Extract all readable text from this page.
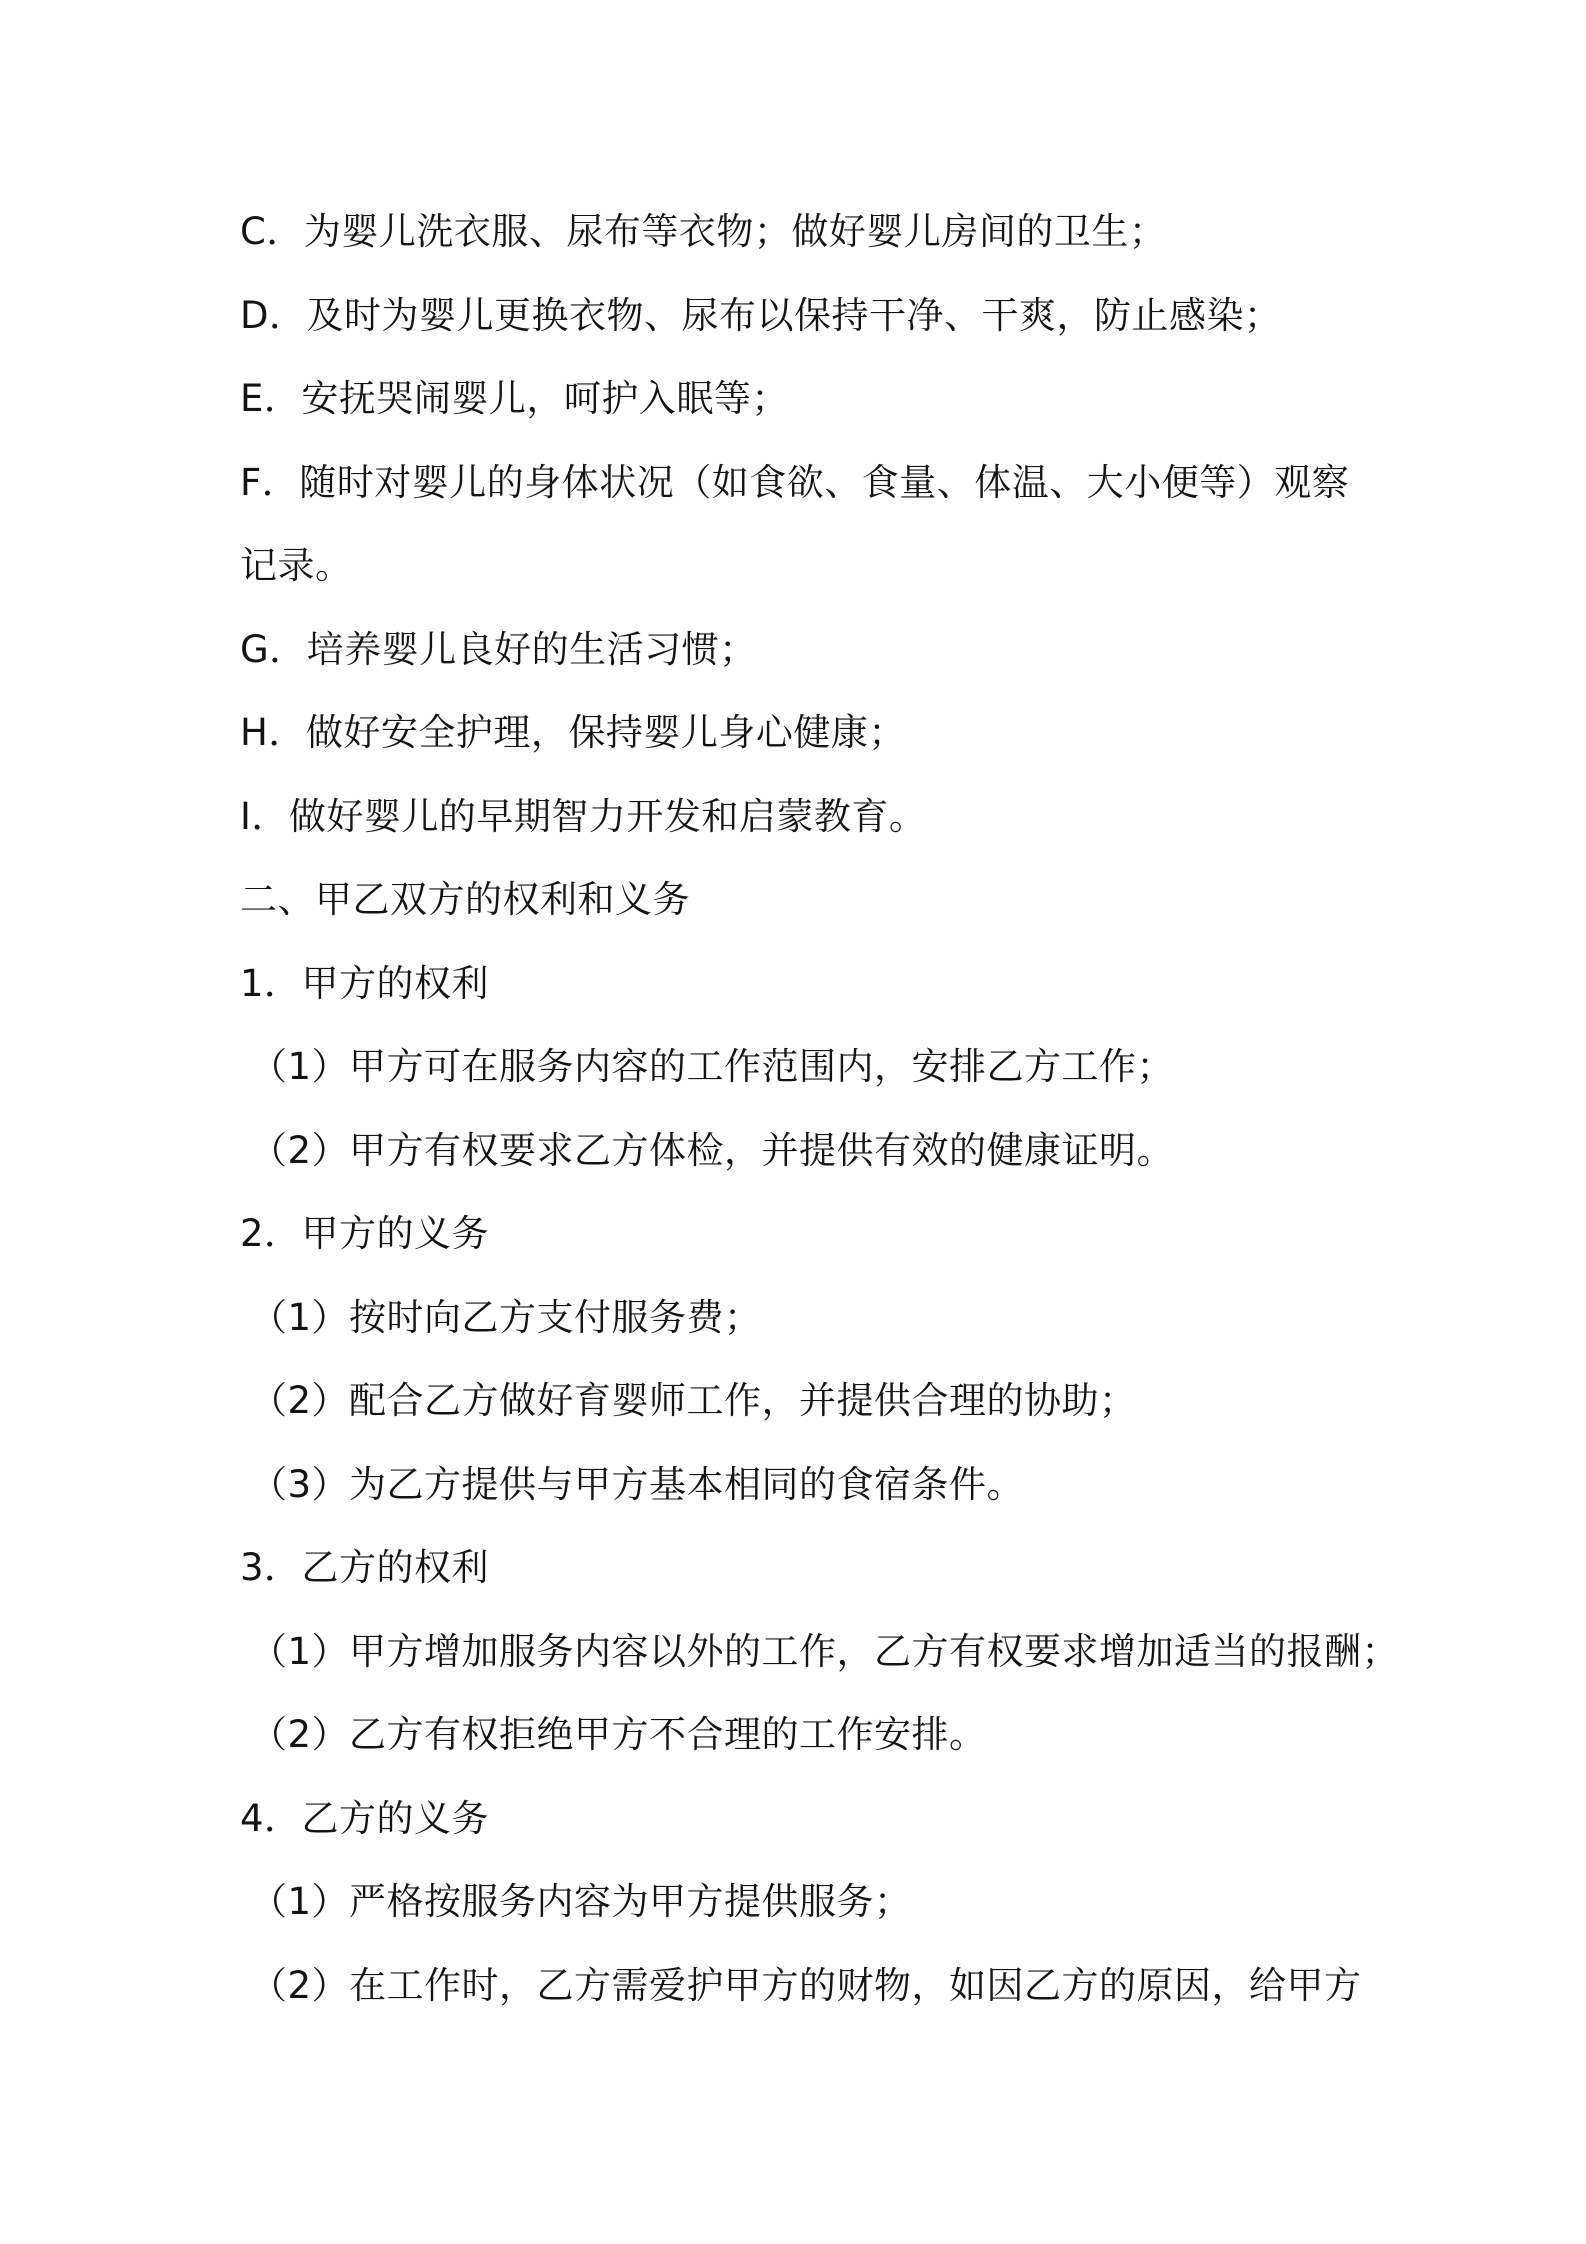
C．为婴儿洗衣服、尿布等衣物；做好婴儿房间的卫生；
D．及时为婴儿更换衣物、尿布以保持干净、干爽，防止感染；
E．安抚哭闹婴儿，呵护入眠等；
F．随时对婴儿的身体状况（如食欲、食量、体温、大小便等）观察
记录。
G．培养婴儿良好的生活习惯；
H．做好安全护理，保持婴儿身心健康；
I．做好婴儿的早期智力开发和启蒙教育。
二、甲乙双方的权利和义务
1．甲方的权利
（1）甲方可在服务内容的工作范围内，安排乙方工作；
（2）甲方有权要求乙方体检，并提供有效的健康证明。
2．甲方的义务
（1）按时向乙方支付服务费；
（2）配合乙方做好育婴师工作，并提供合理的协助；
（3）为乙方提供与甲方基本相同的食宿条件。
3．乙方的权利
（1）甲方增加服务内容以外的工作，乙方有权要求增加适当的报酬；
（2）乙方有权拒绝甲方不合理的工作安排。
4．乙方的义务
（1）严格按服务内容为甲方提供服务；
（2）在工作时，乙方需爱护甲方的财物，如因乙方的原因，给甲方
